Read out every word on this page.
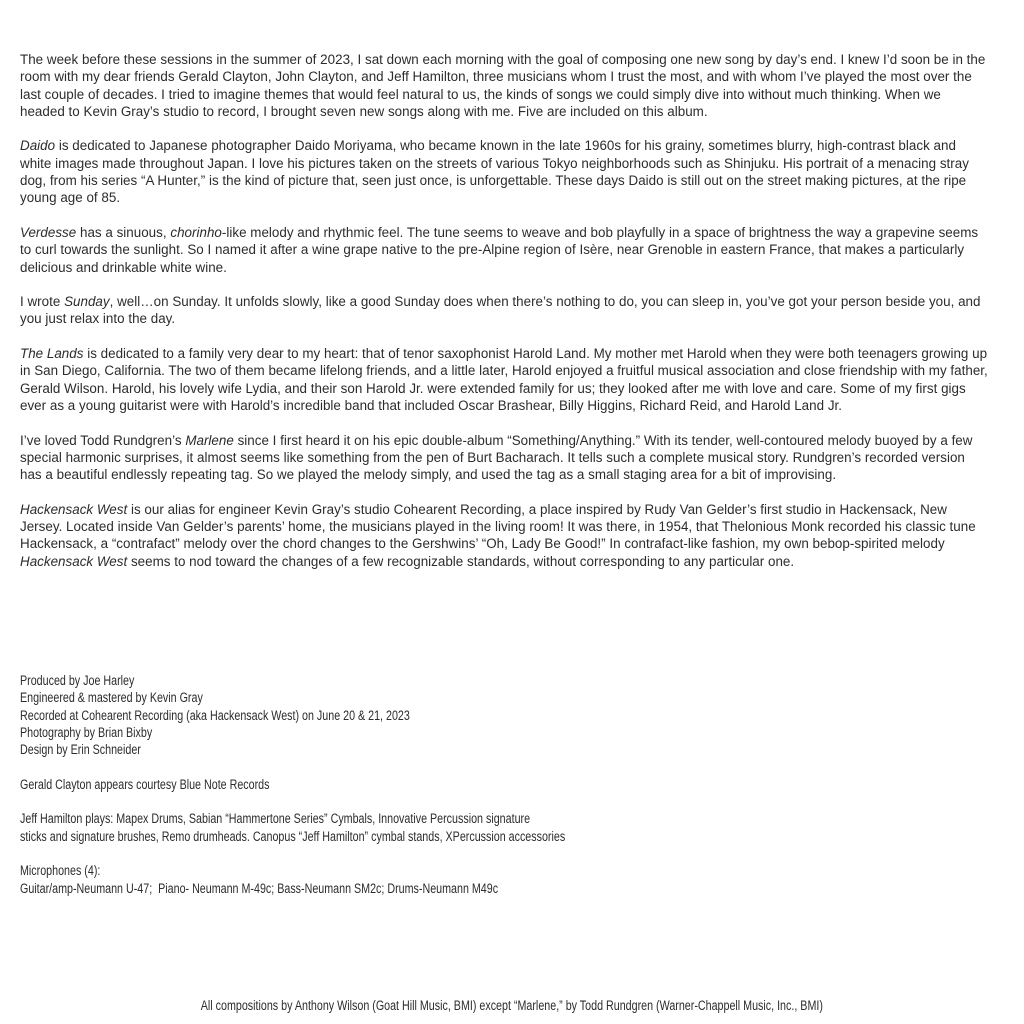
The week before these sessions in the summer of 2023, I sat down each morning with the goal of composing one new song by day’s end. I knew I’d soon be in the room with my dear friends Gerald Clayton, John Clayton, and Jeff Hamilton, three musicians whom I trust the most, and with whom I’ve played the most over the last couple of decades. I tried to imagine themes that would feel natural to us, the kinds of songs we could simply dive into without much thinking. When we headed to Kevin Gray’s studio to record, I brought seven new songs along with me. Five are included on this album.

Daido is dedicated to Japanese photographer Daido Moriyama, who became known in the late 1960s for his grainy, sometimes blurry, high-contrast black and white images made throughout Japan. I love his pictures taken on the streets of various Tokyo neighborhoods such as Shinjuku. His portrait of a menacing stray dog, from his series “A Hunter,” is the kind of picture that, seen just once, is unforgettable. These days Daido is still out on the street making pictures, at the ripe young age of 85.

Verdesse has a sinuous, chorinho-like melody and rhythmic feel. The tune seems to weave and bob playfully in a space of brightness the way a grapevine seems to curl towards the sunlight. So I named it after a wine grape native to the pre-Alpine region of Isère, near Grenoble in eastern France, that makes a particularly delicious and drinkable white wine.

I wrote Sunday, well…on Sunday. It unfolds slowly, like a good Sunday does when there’s nothing to do, you can sleep in, you’ve got your person beside you, and you just relax into the day.

The Lands is dedicated to a family very dear to my heart: that of tenor saxophonist Harold Land. My mother met Harold when they were both teenagers growing up in San Diego, California. The two of them became lifelong friends, and a little later, Harold enjoyed a fruitful musical association and close friendship with my father, Gerald Wilson. Harold, his lovely wife Lydia, and their son Harold Jr. were extended family for us; they looked after me with love and care. Some of my first gigs ever as a young guitarist were with Harold’s incredible band that included Oscar Brashear, Billy Higgins, Richard Reid, and Harold Land Jr.

I’ve loved Todd Rundgren’s Marlene since I first heard it on his epic double-album “Something/Anything.” With its tender, well-contoured melody buoyed by a few special harmonic surprises, it almost seems like something from the pen of Burt Bacharach. It tells such a complete musical story. Rundgren’s recorded version has a beautiful endlessly repeating tag. So we played the melody simply, and used the tag as a small staging area for a bit of improvising.

Hackensack West is our alias for engineer Kevin Gray’s studio Cohearent Recording, a place inspired by Rudy Van Gelder’s first studio in Hackensack, New Jersey. Located inside Van Gelder’s parents’ home, the musicians played in the living room! It was there, in 1954, that Thelonious Monk recorded his classic tune Hackensack, a “contrafact” melody over the chord changes to the Gershwins’ “Oh, Lady Be Good!” In contrafact-like fashion, my own bebop-spirited melody Hackensack West seems to nod toward the changes of a few recognizable standards, without corresponding to any particular one.

Produced by Joe Harley
Engineered & mastered by Kevin Gray
Recorded at Cohearent Recording (aka Hackensack West) on June 20 & 21, 2023
Photography by Brian Bixby
Design by Erin Schneider
Gerald Clayton appears courtesy Blue Note Records
Jeff Hamilton plays: Mapex Drums, Sabian “Hammertone Series” Cymbals, Innovative Percussion signature
sticks and signature brushes, Remo drumheads. Canopus “Jeff Hamilton” cymbal stands, XPercussion accessories
Microphones (4):
Guitar/amp-Neumann U-47;  Piano- Neumann M-49c; Bass-Neumann SM2c; Drums-Neumann M49c
All compositions by Anthony Wilson (Goat Hill Music, BMI) except “Marlene,” by Todd Rundgren (Warner-Chappell Music, Inc., BMI)
